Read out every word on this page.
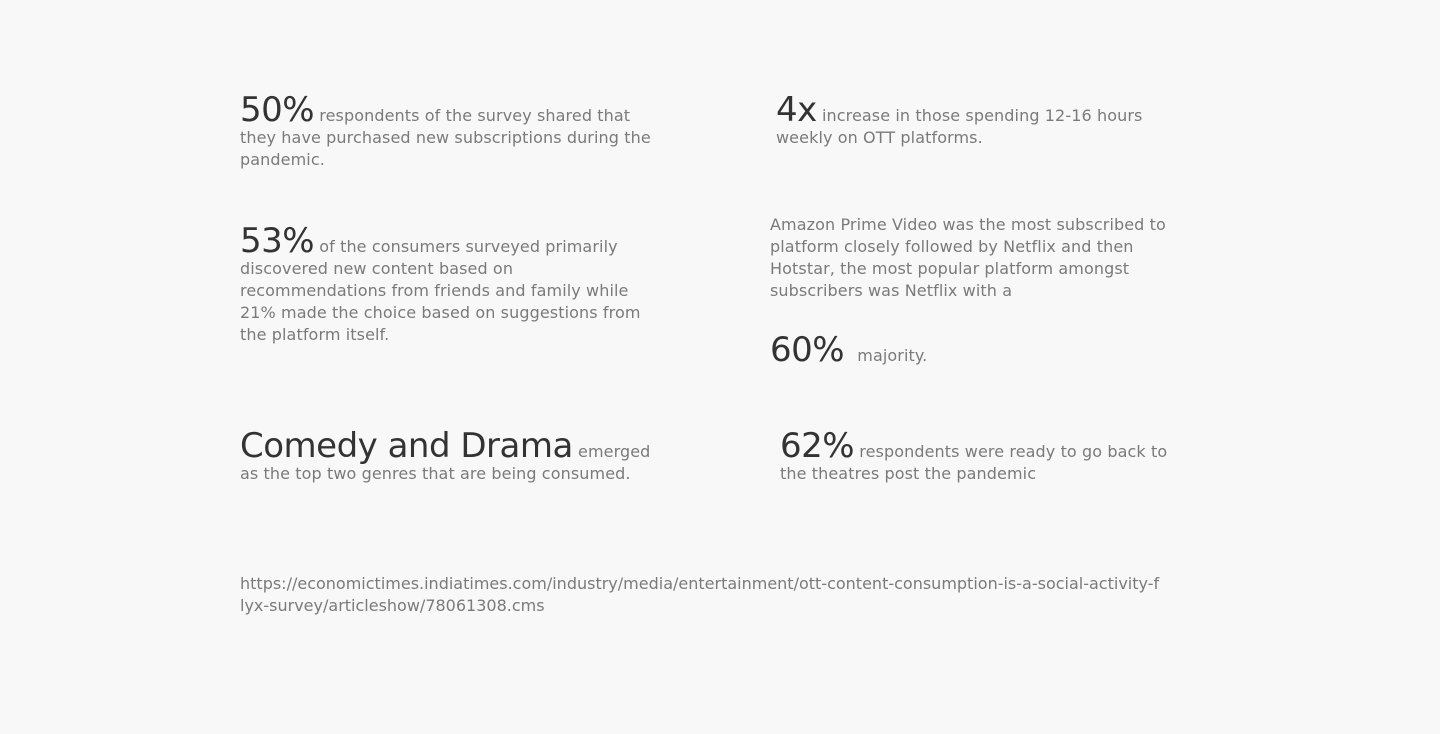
50% respondents of the survey shared that they have purchased new subscriptions during the pandemic.
4x increase in those spending 12-16 hours weekly on OTT platforms.
53% of the consumers surveyed primarily discovered new content based on recommendations from friends and family while 21% made the choice based on suggestions from the platform itself.
Amazon Prime Video was the most subscribed to platform closely followed by Netflix and then Hotstar, the most popular platform amongst subscribers was Netflix with a
60% majority.
Comedy and Drama emerged as the top two genres that are being consumed.
62% respondents were ready to go back to the theatres post the pandemic
https://economictimes.indiatimes.com/industry/media/entertainment/ott-content-consumption-is-a-social-activity-flyx-survey/articleshow/78061308.cms
